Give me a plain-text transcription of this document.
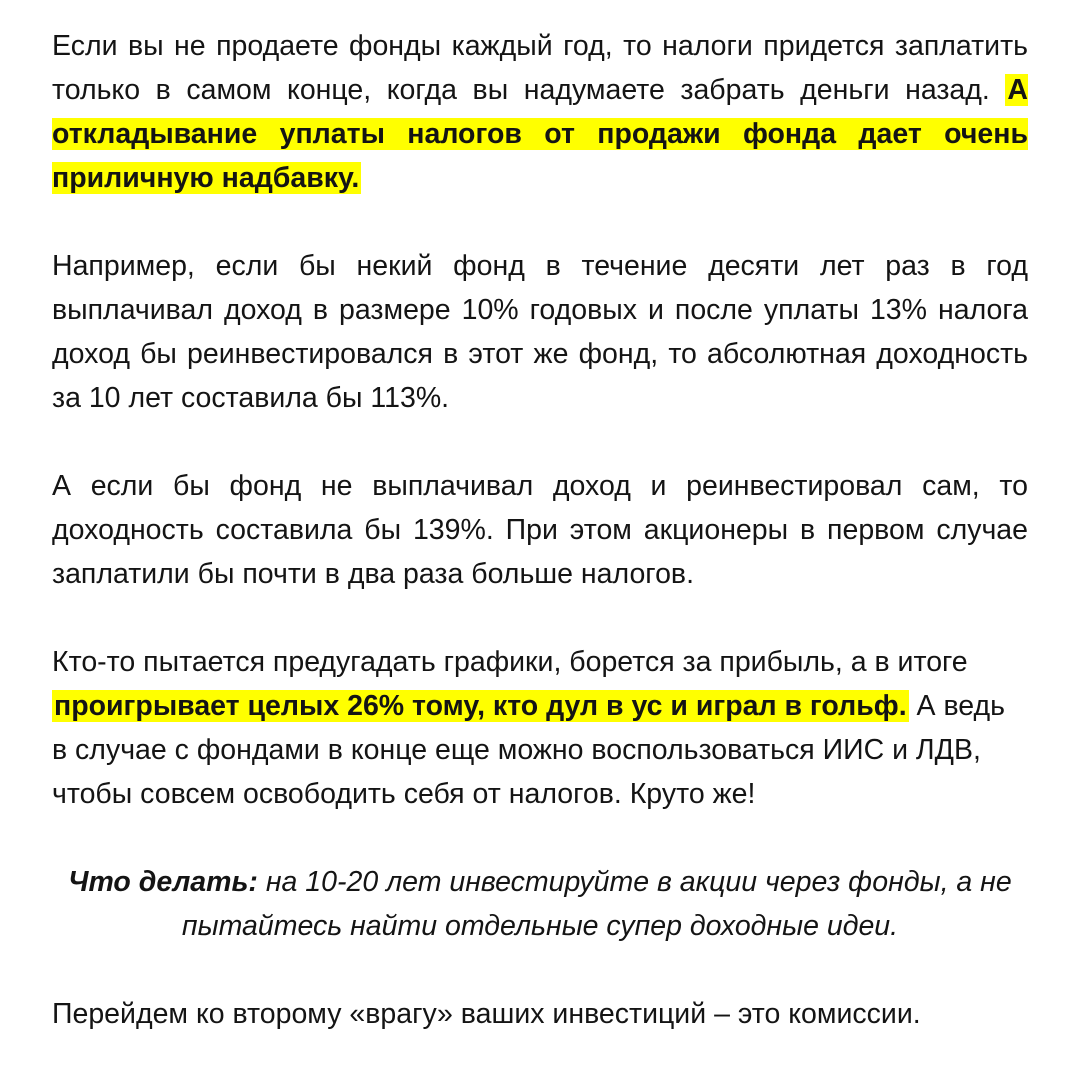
Если вы не продаете фонды каждый год, то налоги придется заплатить только в самом конце, когда вы надумаете забрать деньги назад. А откладывание уплаты налогов от продажи фонда дает очень приличную надбавку.

Например, если бы некий фонд в течение десяти лет раз в год выплачивал доход в размере 10% годовых и после уплаты 13% налога доход бы реинвестировался в этот же фонд, то абсолютная доходность за 10 лет составила бы 113%.

А если бы фонд не выплачивал доход и реинвестировал сам, то доходность составила бы 139%. При этом акционеры в первом случае заплатили бы почти в два раза больше налогов.

Кто-то пытается предугадать графики, борется за прибыль, а в итоге проигрывает целых 26% тому, кто дул в ус и играл в гольф. А ведь в случае с фондами в конце еще можно воспользоваться ИИС и ЛДВ, чтобы совсем освободить себя от налогов. Круто же!

Что делать: на 10-20 лет инвестируйте в акции через фонды, а не пытайтесь найти отдельные супер доходные идеи.

Перейдем ко второму «врагу» ваших инвестиций – это комиссии.
